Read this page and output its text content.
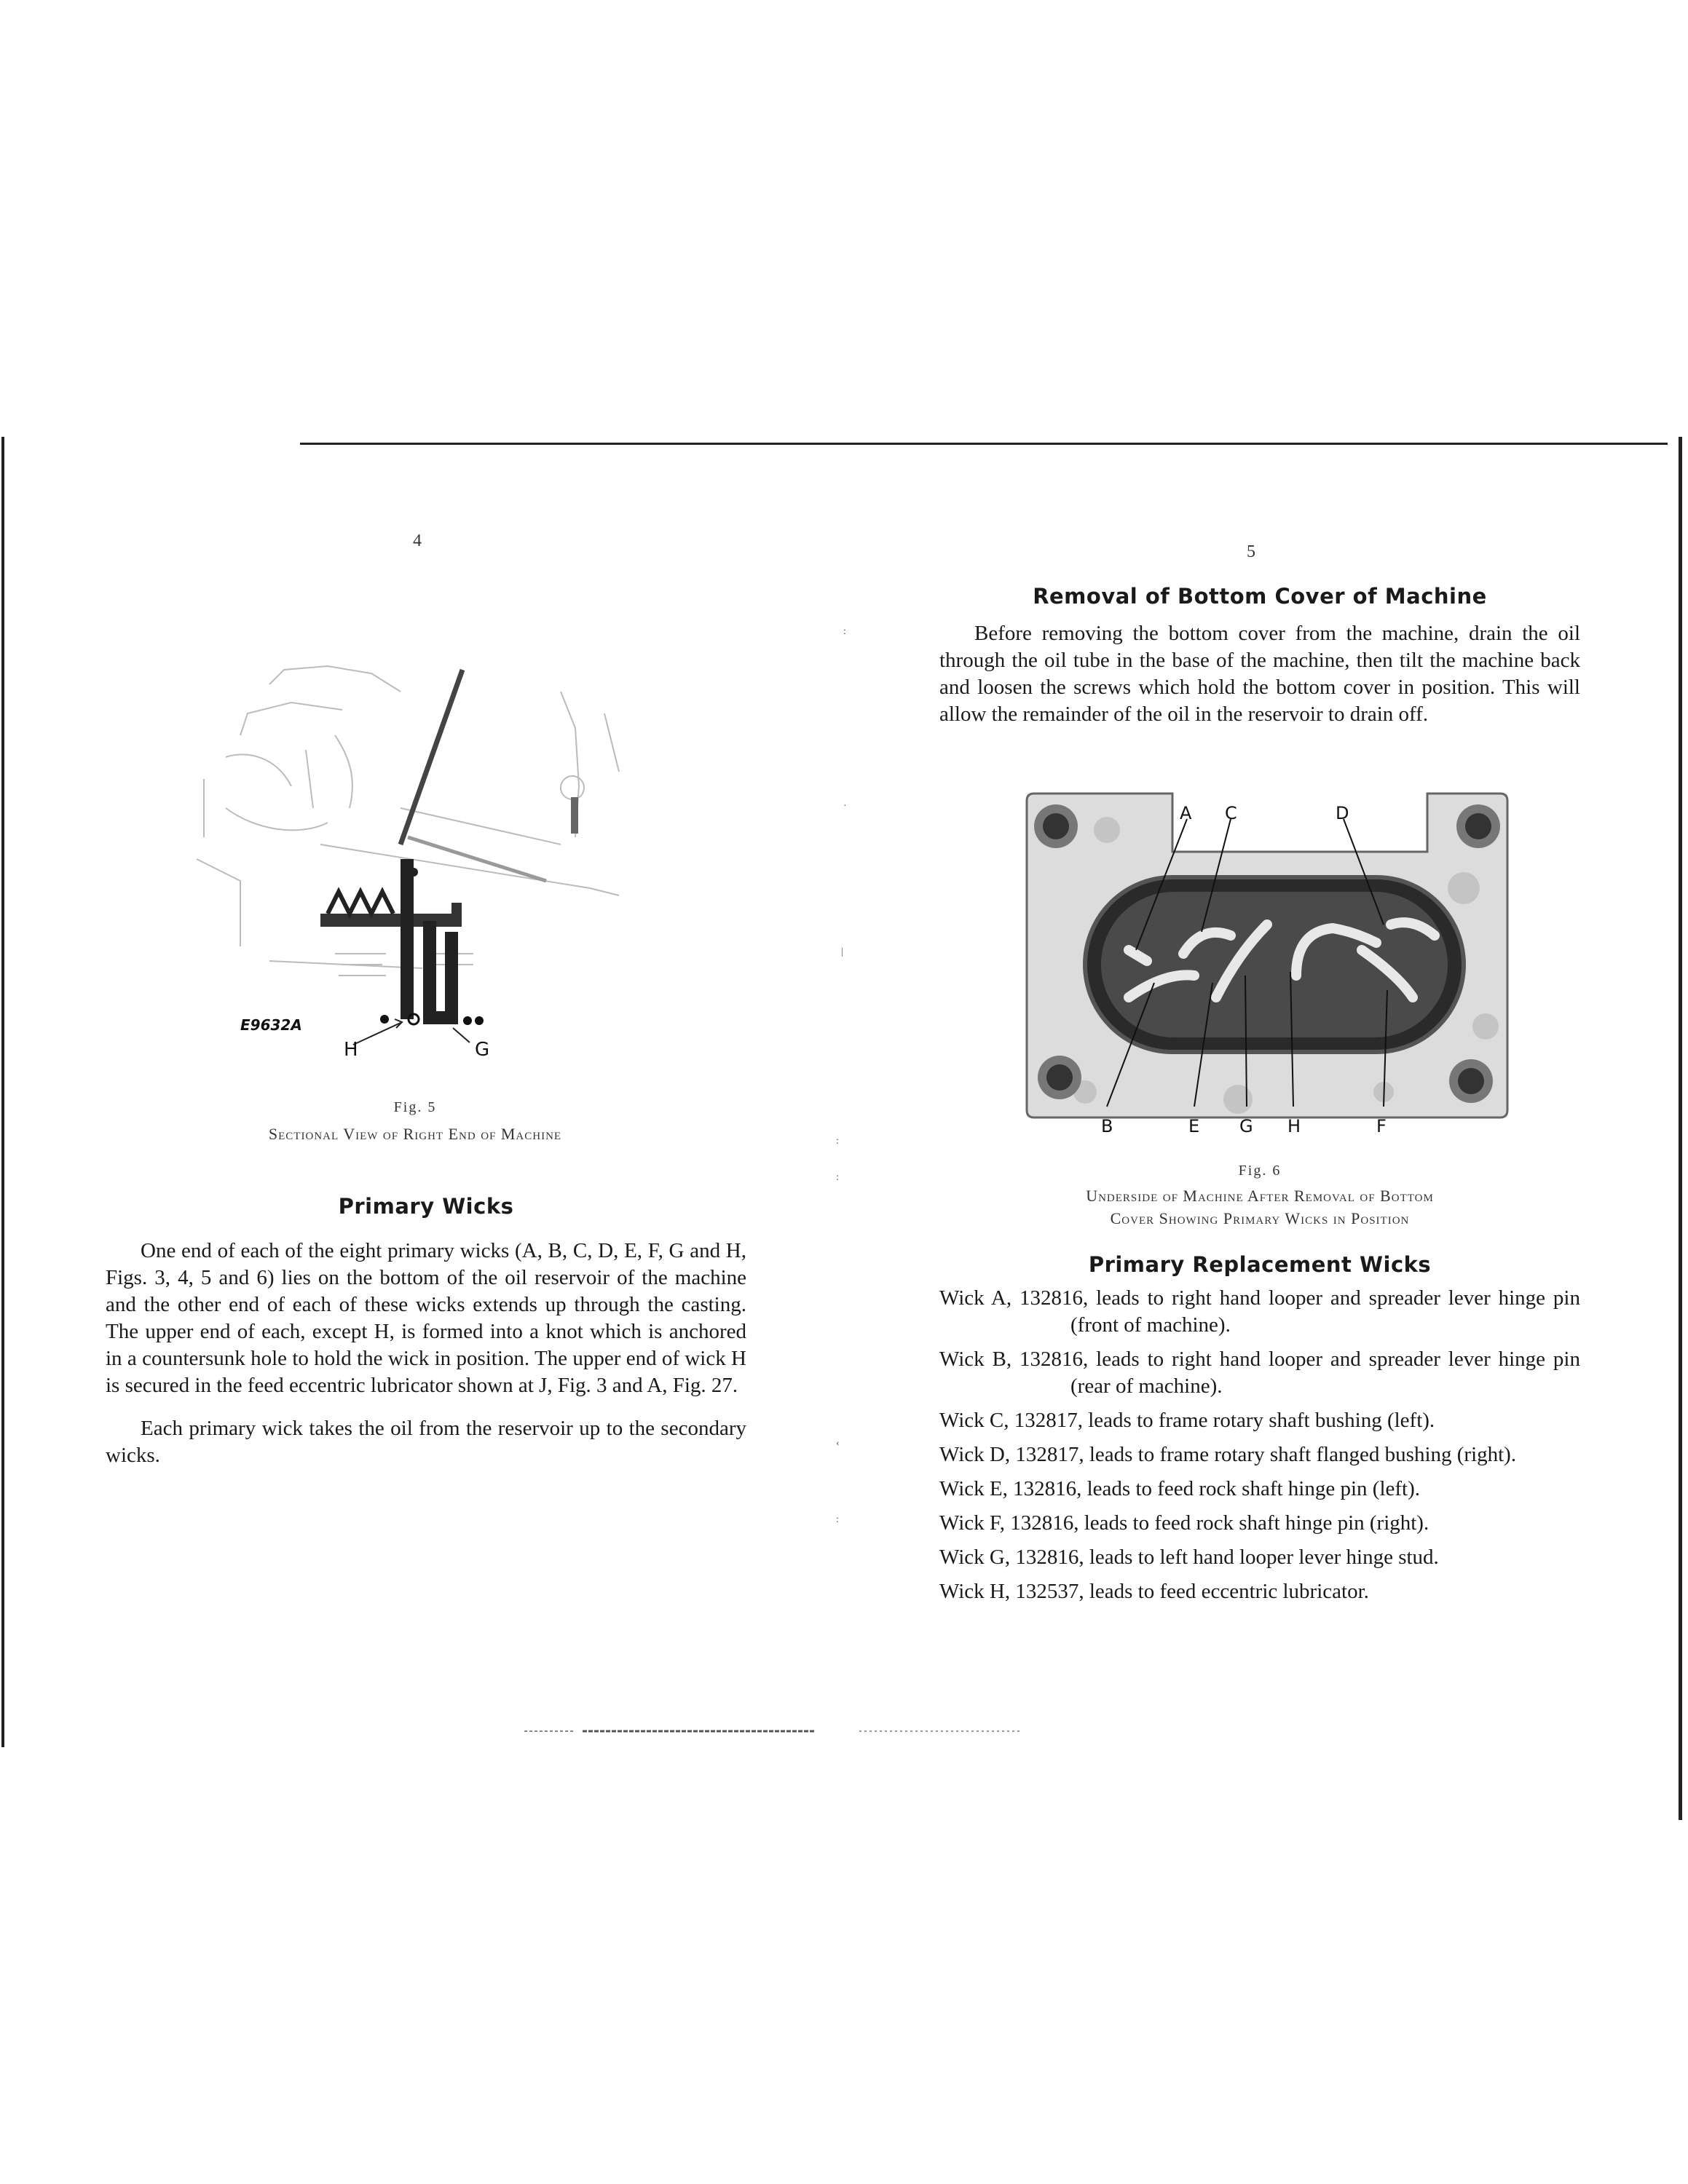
4
E9632A
H	G
Fig. 5
Sectional View of Right End of Machine
Primary Wicks

One end of each of the eight primary wicks (A, B, C, D, E, F, G and H, Figs. 3, 4, 5 and 6) lies on the bottom of the oil reservoir of the machine and the other end of each of these wicks extends up through the casting. The upper end of each, except H, is formed into a knot which is anchored in a countersunk hole to hold the wick in position. The upper end of wick H is secured in the feed eccentric lubricator shown at J, Fig. 3 and A, Fig. 27.

Each primary wick takes the oil from the reservoir up to the secondary wicks.

:
·
|
:
:
‹
:
5
Removal of Bottom Cover of Machine

Before removing the bottom cover from the machine, drain the oil through the oil tube in the base of the machine, then tilt the machine back and loosen the screws which hold the bottom cover in position. This will allow the remainder of the oil in the reservoir to drain off.

A C	D
B	E G H	F
Fig. 6
Underside of Machine After Removal of Bottom
Cover Showing Primary Wicks in Position
Primary Replacement Wicks
Wick A, 132816, leads to right hand looper and spreader lever hinge pin (front of machine).
Wick B, 132816, leads to right hand looper and spreader lever hinge pin (rear of machine).
Wick C, 132817, leads to frame rotary shaft bushing (left).
Wick D, 132817, leads to frame rotary shaft flanged bushing (right).
Wick E, 132816, leads to feed rock shaft hinge pin (left).
Wick F, 132816, leads to feed rock shaft hinge pin (right).
Wick G, 132816, leads to left hand looper lever hinge stud.
Wick H, 132537, leads to feed eccentric lubricator.
